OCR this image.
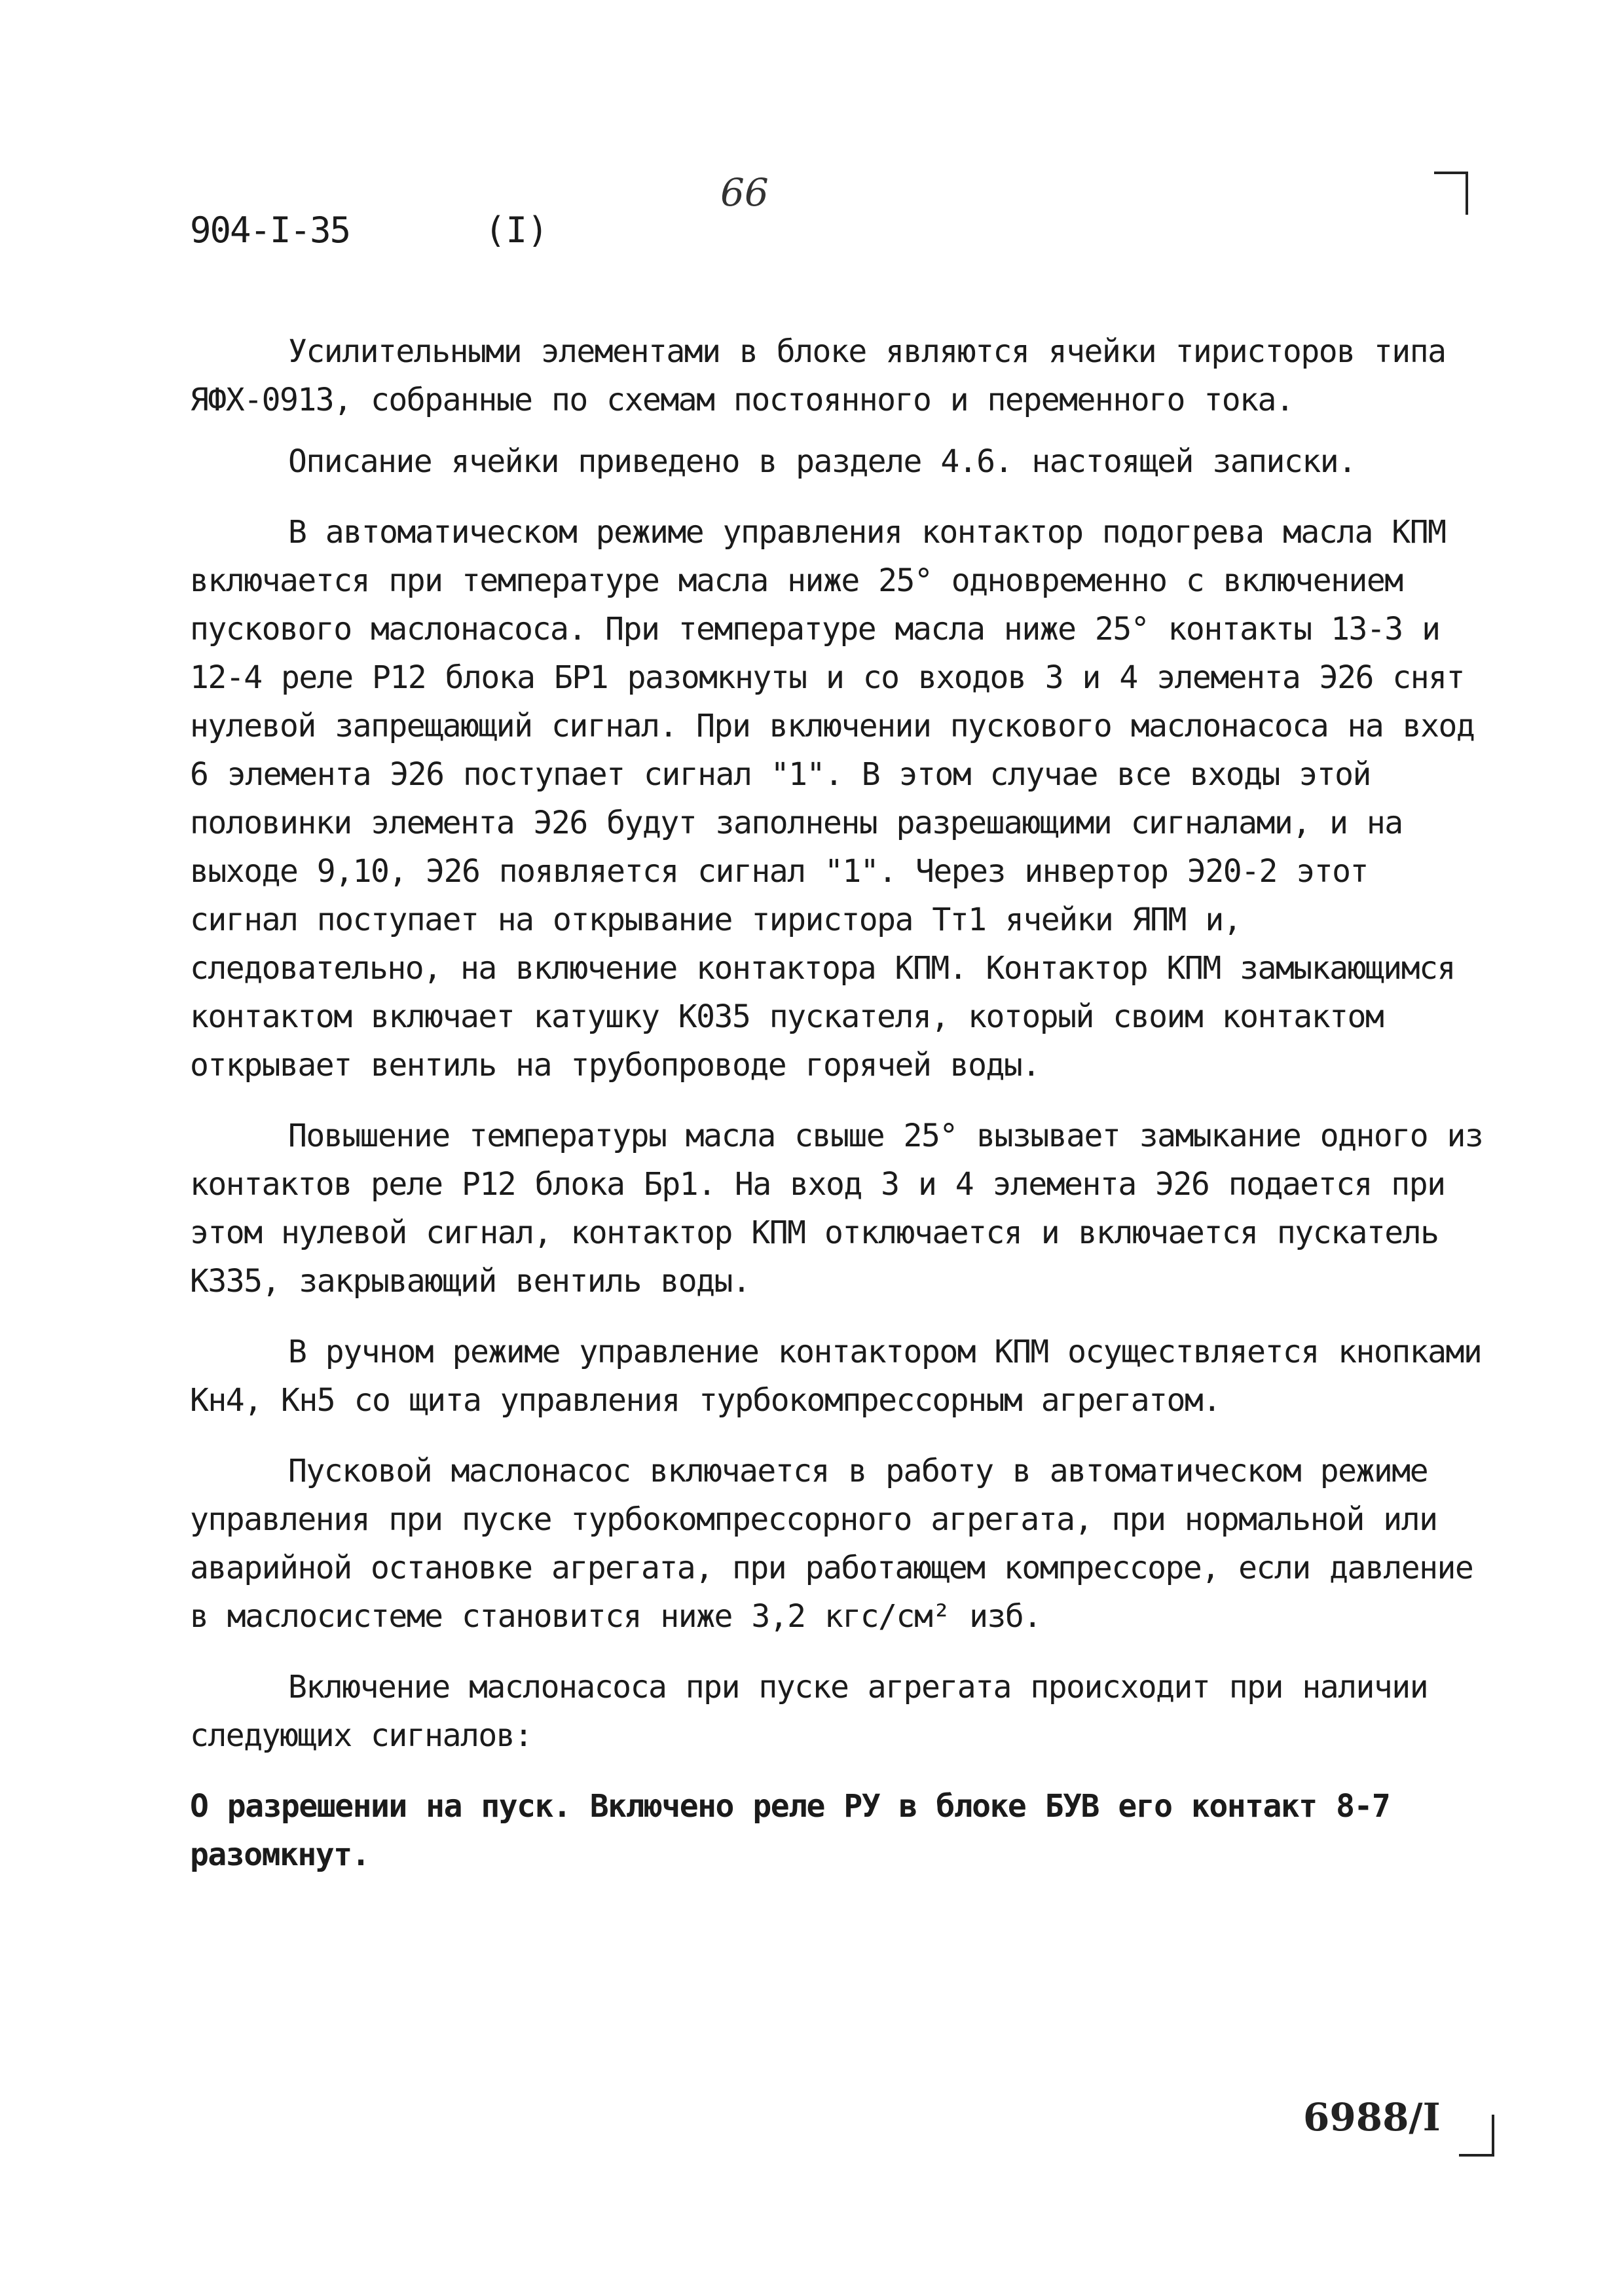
904-I-35	(I)
66

Усилительными элементами в блоке являются ячейки тиристоров типа ЯФХ-0913, собранные по схемам постоянного и переменного тока.

Описание ячейки приведено в разделе 4.6. настоящей записки.

В автоматическом режиме управления контактор подогрева масла КПМ включается при температуре масла ниже 25° одновременно с включением пускового маслонасоса. При температуре масла ниже 25° контакты 13-3 и 12-4 реле Р12 блока БР1 разомкнуты и со входов 3 и 4 элемента Э26 снят нулевой запрещающий сигнал. При включении пускового маслонасоса на вход 6 элемента Э26 поступает сигнал "1". В этом случае все входы этой половинки элемента Э26 будут заполнены разрешающими сигналами, и на выходе 9,10, Э26 появляется сигнал "1". Через инвертор Э20-2 этот сигнал поступает на открывание тиристора Тт1 ячейки ЯПМ и, следовательно, на включение контактора КПМ. Контактор КПМ замыкающимся контактом включает катушку К035 пускателя, который своим контактом открывает вентиль на трубопроводе горячей воды.

Повышение температуры масла свыше 25° вызывает замыкание одного из контактов реле Р12 блока Бр1. На вход 3 и 4 элемента Э26 подается при этом нулевой сигнал, контактор КПМ отключается и включается пускатель К335, закрывающий вентиль воды.

В ручном режиме управление контактором КПМ осуществляется кнопками Кн4, Кн5 со щита управления турбокомпрессорным агрегатом.

Пусковой маслонасос включается в работу в автоматическом режиме управления при пуске турбокомпрессорного агрегата, при нормальной или аварийной остановке агрегата, при работающем компрессоре, если давление в маслосистеме становится ниже 3,2 кгс/см² изб.

Включение маслонасоса при пуске агрегата происходит при наличии следующих сигналов:

О разрешении на пуск. Включено реле РУ в блоке БУВ его контакт 8-7 разомкнут.

6988/I
